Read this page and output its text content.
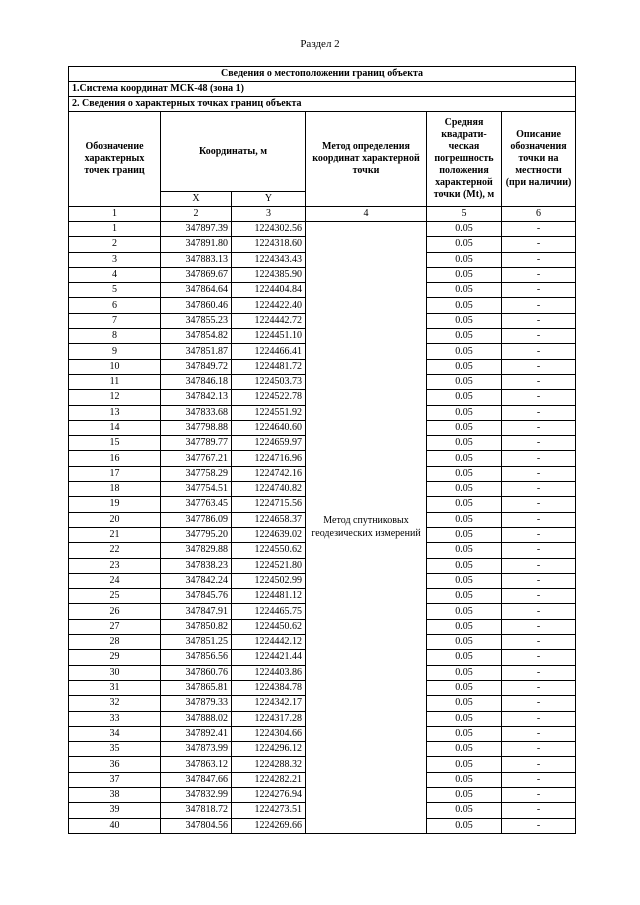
Раздел 2
Сведения о местоположении границ объекта					
1.Система координат МСК-48 (зона 1)					
2. Сведения о характерных точках границ объекта					
Обозначение характерных точек границ	Координаты, м		Метод определения координат характерной точки	Средняя квадрати-ческая погрешность положения характерной точки (Mt), м	Описание обозначения точки на местности (при наличии)
	X	Y			
1	2	3	4	5	6
1	347897.39	1224302.56	Метод спутниковых геодезических измерений	0.05	-
2	347891.80	1224318.60		0.05	-
3	347883.13	1224343.43		0.05	-
4	347869.67	1224385.90		0.05	-
5	347864.64	1224404.84		0.05	-
6	347860.46	1224422.40		0.05	-
7	347855.23	1224442.72		0.05	-
8	347854.82	1224451.10		0.05	-
9	347851.87	1224466.41		0.05	-
10	347849.72	1224481.72		0.05	-
11	347846.18	1224503.73		0.05	-
12	347842.13	1224522.78		0.05	-
13	347833.68	1224551.92		0.05	-
14	347798.88	1224640.60		0.05	-
15	347789.77	1224659.97		0.05	-
16	347767.21	1224716.96		0.05	-
17	347758.29	1224742.16		0.05	-
18	347754.51	1224740.82		0.05	-
19	347763.45	1224715.56		0.05	-
20	347786.09	1224658.37		0.05	-
21	347795.20	1224639.02		0.05	-
22	347829.88	1224550.62		0.05	-
23	347838.23	1224521.80		0.05	-
24	347842.24	1224502.99		0.05	-
25	347845.76	1224481.12		0.05	-
26	347847.91	1224465.75		0.05	-
27	347850.82	1224450.62		0.05	-
28	347851.25	1224442.12		0.05	-
29	347856.56	1224421.44		0.05	-
30	347860.76	1224403.86		0.05	-
31	347865.81	1224384.78		0.05	-
32	347879.33	1224342.17		0.05	-
33	347888.02	1224317.28		0.05	-
34	347892.41	1224304.66		0.05	-
35	347873.99	1224296.12		0.05	-
36	347863.12	1224288.32		0.05	-
37	347847.66	1224282.21		0.05	-
38	347832.99	1224276.94		0.05	-
39	347818.72	1224273.51		0.05	-
40	347804.56	1224269.66		0.05	-
